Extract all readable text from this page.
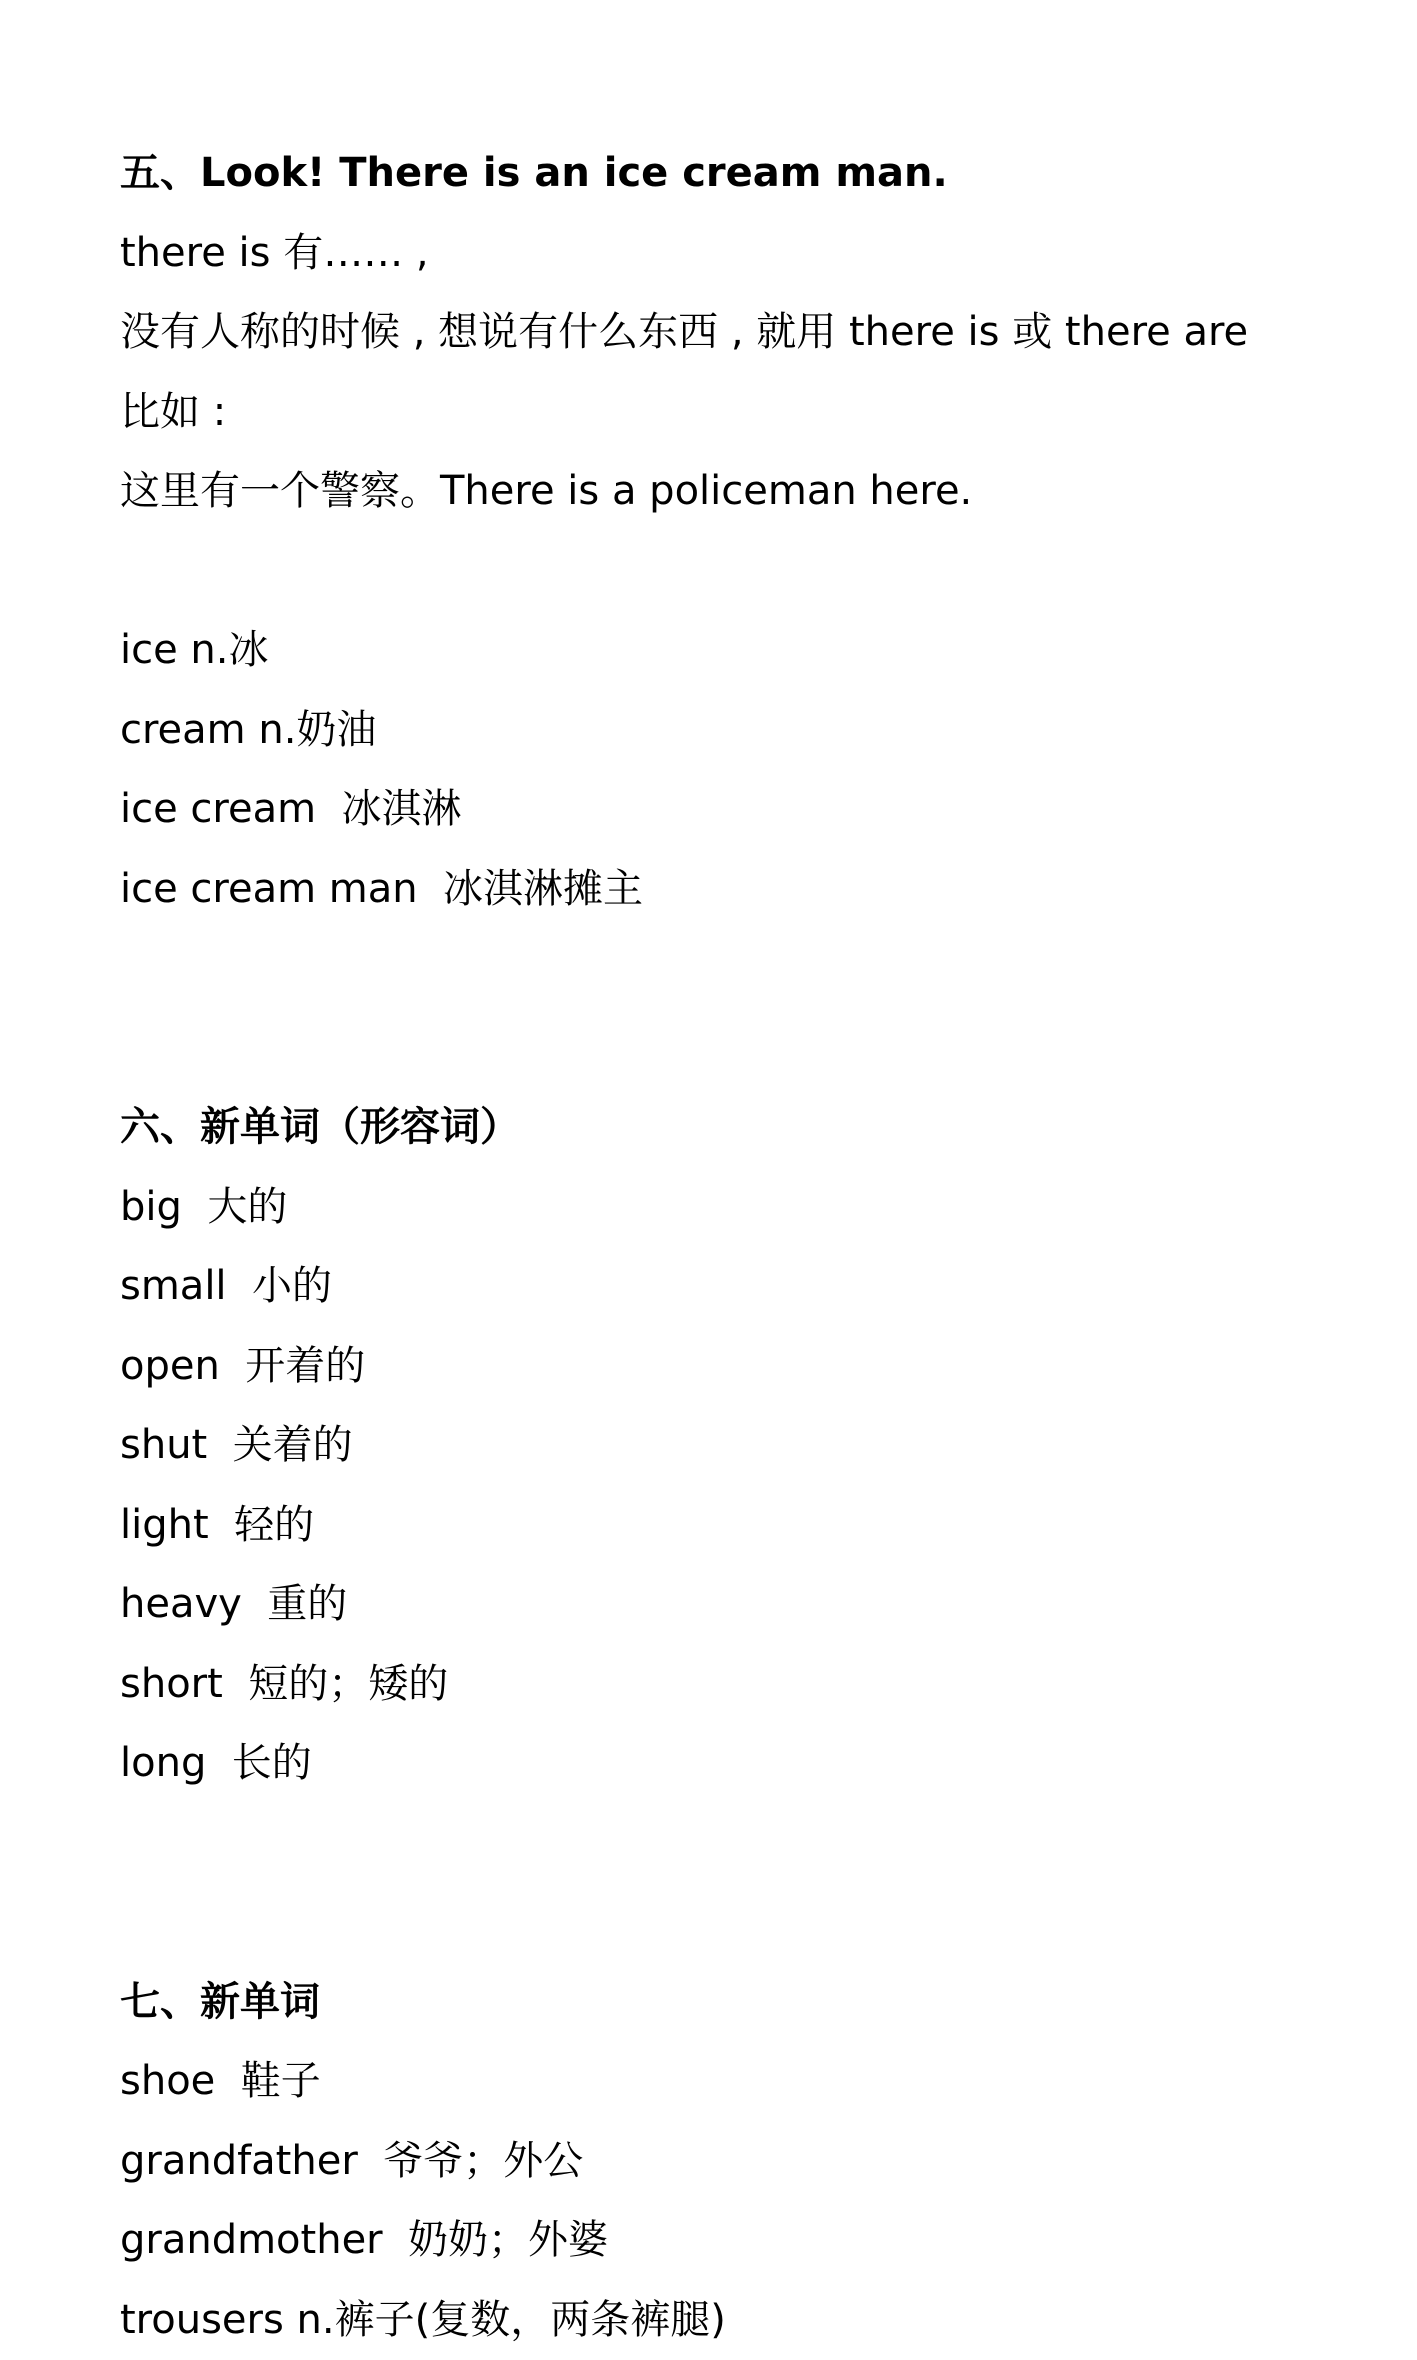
五、Look! There is an ice cream man.
there is 有…… ,
没有人称的时候 , 想说有什么东西 , 就用 there is 或 there are
比如 :
这里有一个警察。There is a policeman here.
ice n.冰
cream n.奶油
ice cream  冰淇淋
ice cream man  冰淇淋摊主
六、新单词（形容词）
big  大的
small  小的
open  开着的
shut  关着的
light  轻的
heavy  重的
short  短的；矮的
long  长的
七、新单词
shoe  鞋子
grandfather  爷爷；外公
grandmother  奶奶；外婆
trousers n.裤子(复数，两条裤腿)
